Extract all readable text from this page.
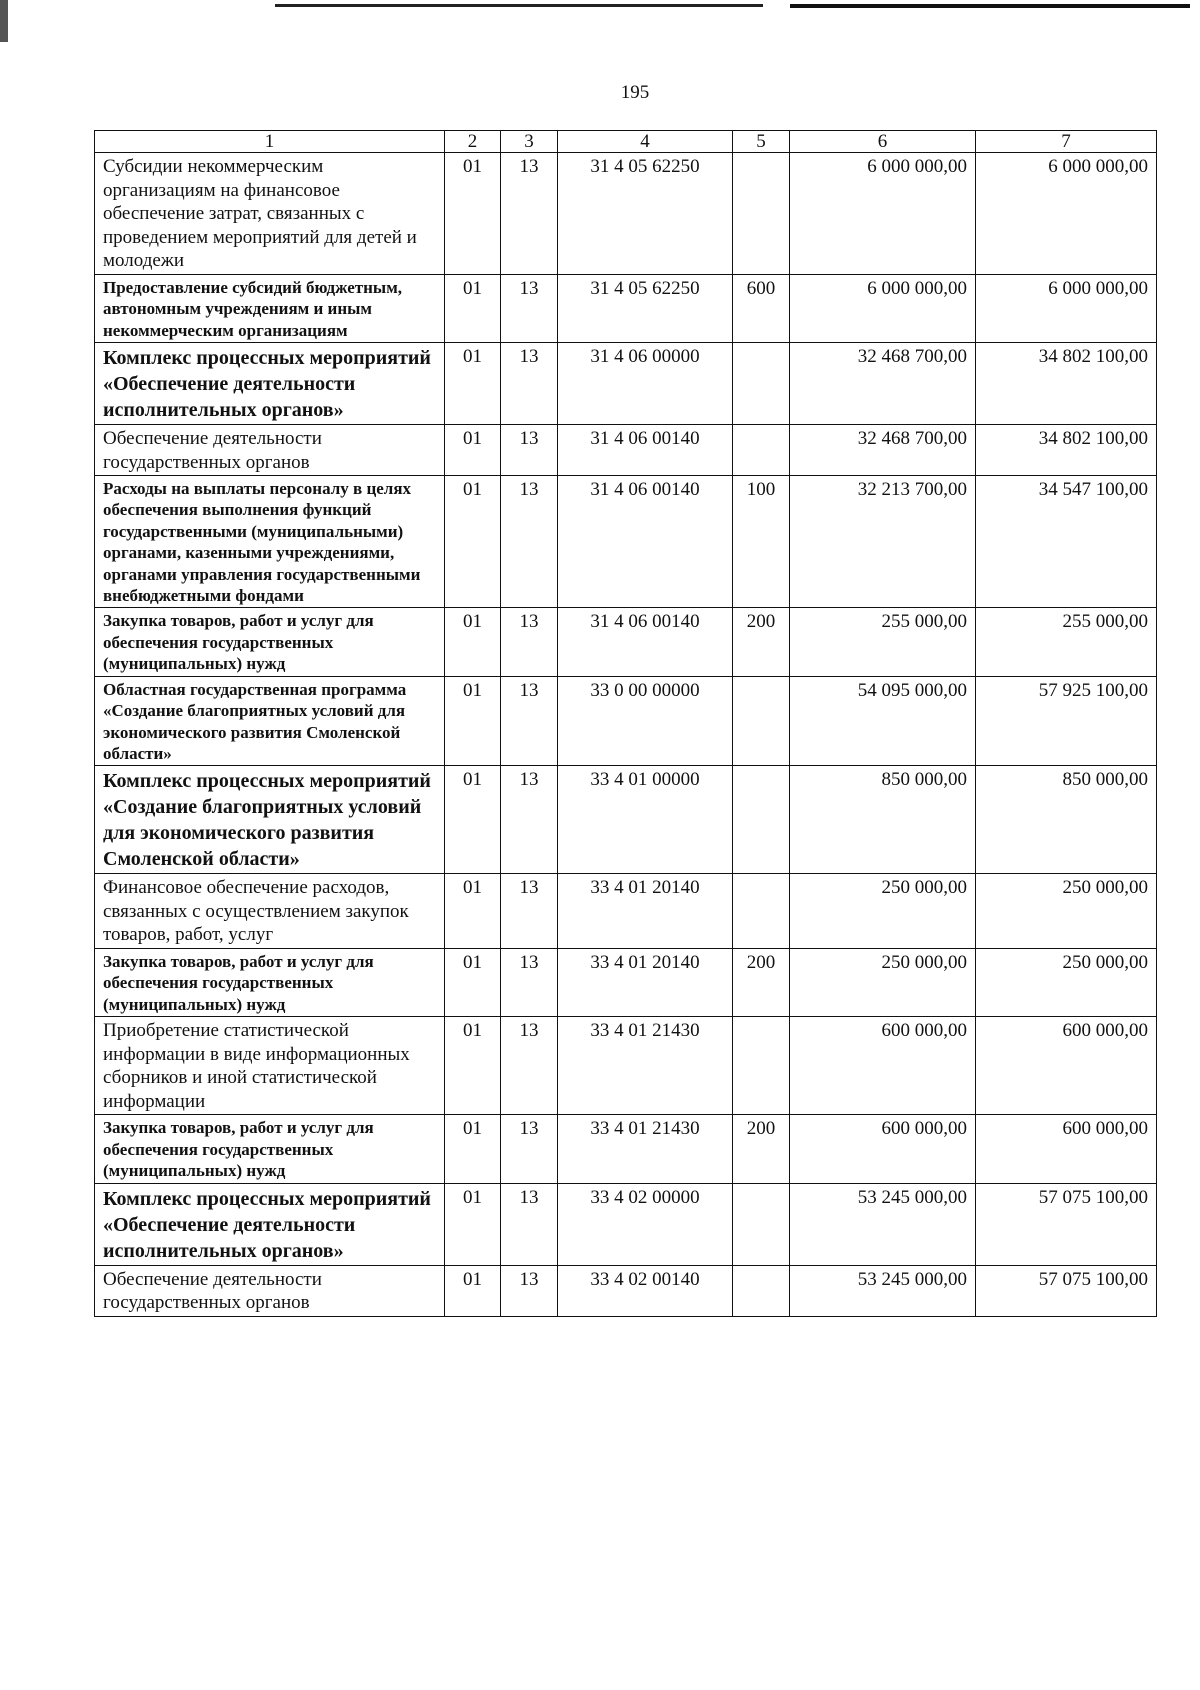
195
1	2	3	4	5	6	7
Субсидии некоммерческим организациям на финансовое обеспечение затрат, связанных с проведением мероприятий для детей и молодежи	01	13	31 4 05 62250		6 000 000,00	6 000 000,00
Предоставление субсидий бюджетным, автономным учреждениям и иным некоммерческим организациям	01	13	31 4 05 62250	600	6 000 000,00	6 000 000,00
Комплекс процессных мероприятий «Обеспечение деятельности исполнительных органов»	01	13	31 4 06 00000		32 468 700,00	34 802 100,00
Обеспечение деятельности государственных органов	01	13	31 4 06 00140		32 468 700,00	34 802 100,00
Расходы на выплаты персоналу в целях обеспечения выполнения функций государственными (муниципальными) органами, казенными учреждениями, органами управления государственными внебюджетными фондами	01	13	31 4 06 00140	100	32 213 700,00	34 547 100,00
Закупка товаров, работ и услуг для обеспечения государственных (муниципальных) нужд	01	13	31 4 06 00140	200	255 000,00	255 000,00
Областная государственная программа «Создание благоприятных условий для экономического развития Смоленской области»	01	13	33 0 00 00000		54 095 000,00	57 925 100,00
Комплекс процессных мероприятий «Создание благоприятных условий для экономического развития Смоленской области»	01	13	33 4 01 00000		850 000,00	850 000,00
Финансовое обеспечение расходов, связанных с осуществлением закупок товаров, работ, услуг	01	13	33 4 01 20140		250 000,00	250 000,00
Закупка товаров, работ и услуг для обеспечения государственных (муниципальных) нужд	01	13	33 4 01 20140	200	250 000,00	250 000,00
Приобретение статистической информации в виде информационных сборников и иной статистической информации	01	13	33 4 01 21430		600 000,00	600 000,00
Закупка товаров, работ и услуг для обеспечения государственных (муниципальных) нужд	01	13	33 4 01 21430	200	600 000,00	600 000,00
Комплекс процессных мероприятий «Обеспечение деятельности исполнительных органов»	01	13	33 4 02 00000		53 245 000,00	57 075 100,00
Обеспечение деятельности государственных органов	01	13	33 4 02 00140		53 245 000,00	57 075 100,00
